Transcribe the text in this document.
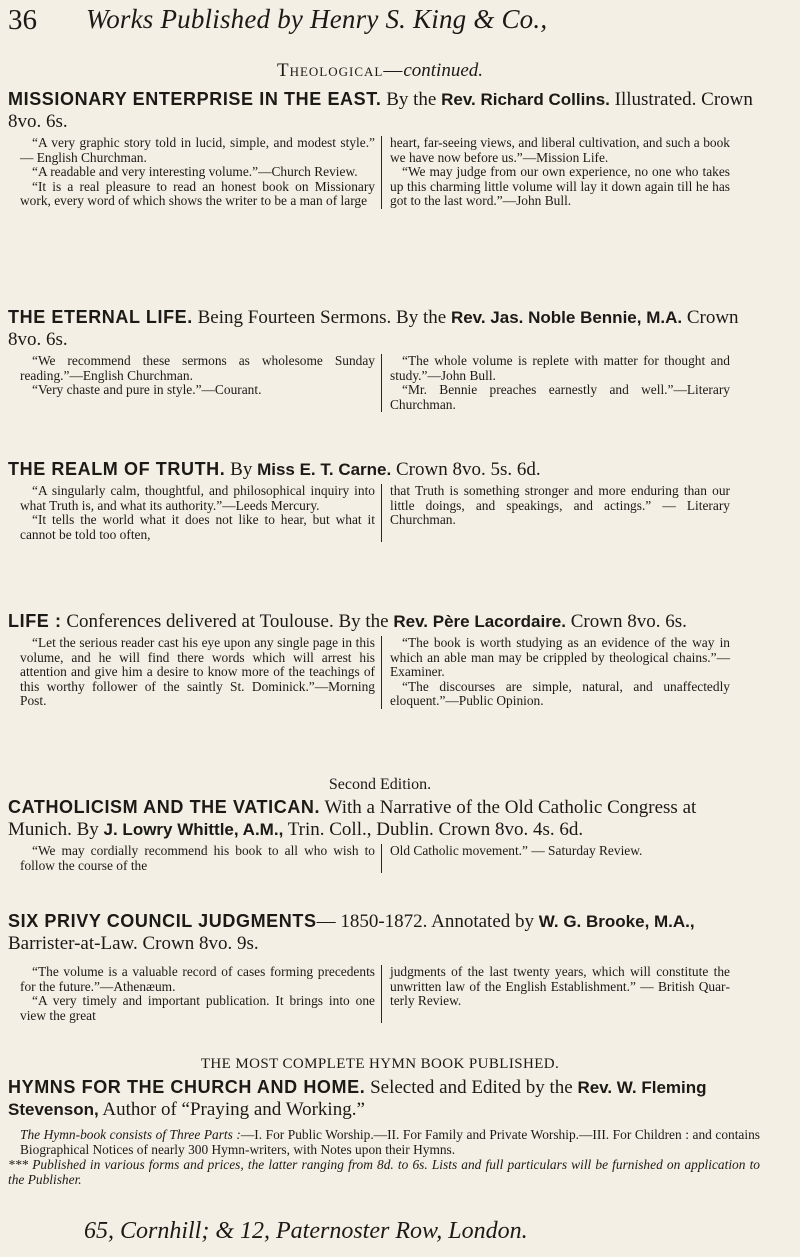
36 Works Published by Henry S. King & Co.,
Theological—continued.
MISSIONARY ENTERPRISE IN THE EAST. By the Rev. Richard Collins. Illustrated. Crown 8vo. 6s.

“A very graphic story told in lucid, simple, and modest style.” — English Churchman.

“A readable and very interesting volume.”—Church Review.

“It is a real pleasure to read an honest book on Missionary work, every word of which shows the writer to be a man of large

heart, far-seeing views, and liberal cultivation, and such a book we have now before us.”—Mission Life.

“We may judge from our own experience, no one who takes up this charming little volume will lay it down again till he has got to the last word.”—John Bull.

THE ETERNAL LIFE. Being Fourteen Sermons. By the Rev. Jas. Noble Bennie, M.A. Crown 8vo. 6s.

“We recommend these sermons as wholesome Sunday reading.”—English Churchman.

“Very chaste and pure in style.”—Courant.

“The whole volume is replete with matter for thought and study.”—John Bull.

“Mr. Bennie preaches earnestly and well.”—Literary Churchman.

THE REALM OF TRUTH. By Miss E. T. Carne. Crown 8vo. 5s. 6d.

“A singularly calm, thoughtful, and philosophical inquiry into what Truth is, and what its authority.”—Leeds Mercury.

“It tells the world what it does not like to hear, but what it cannot be told too often,

that Truth is something stronger and more enduring than our little doings, and speakings, and actings.” — Literary Churchman.

LIFE : Conferences delivered at Toulouse. By the Rev. Père Lacordaire. Crown 8vo. 6s.

“Let the serious reader cast his eye upon any single page in this volume, and he will find there words which will arrest his attention and give him a desire to know more of the teachings of this worthy follower of the saintly St. Dominick.”—Morning Post.

“The book is worth studying as an evidence of the way in which an able man may be crippled by theological chains.”—Examiner.

“The discourses are simple, natural, and unaffectedly eloquent.”—Public Opinion.

Second Edition.
CATHOLICISM AND THE VATICAN. With a Narrative of the Old Catholic Congress at Munich. By J. Lowry Whittle, A.M., Trin. Coll., Dublin. Crown 8vo. 4s. 6d.

“We may cordially recommend his book to all who wish to follow the course of the

Old Catholic movement.” — Saturday Review.

SIX PRIVY COUNCIL JUDGMENTS— 1850-1872. Annotated by W. G. Brooke, M.A., Barrister-at-Law. Crown 8vo. 9s.

“The volume is a valuable record of cases forming precedents for the future.”—Athenæum.

“A very timely and important publication. It brings into one view the great

judgments of the last twenty years, which will constitute the unwritten law of the English Establishment.” — British Quarterly Review.

THE MOST COMPLETE HYMN BOOK PUBLISHED.
HYMNS FOR THE CHURCH AND HOME. Selected and Edited by the Rev. W. Fleming Stevenson, Author of “Praying and Working.”
The Hymn-book consists of Three Parts :—I. For Public Worship.—II. For Family and Private Worship.—III. For Children : and contains Biographical Notices of nearly 300 Hymn-writers, with Notes upon their Hymns.
*** Published in various forms and prices, the latter ranging from 8d. to 6s. Lists and full particulars will be furnished on application to the Publisher.
65, Cornhill; & 12, Paternoster Row, London.
